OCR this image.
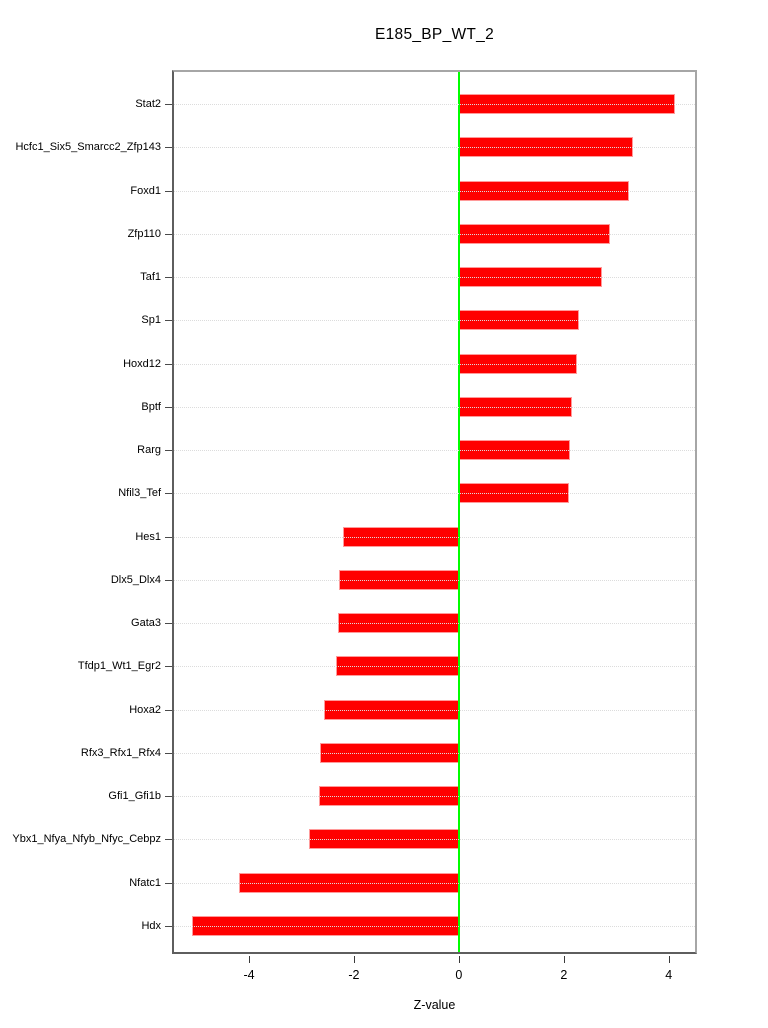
E185_BP_WT_2
Stat2
Hcfc1_Six5_Smarcc2_Zfp143
Foxd1
Zfp110
Taf1
Sp1
Hoxd12
Bptf
Rarg
Nfil3_Tef
Hes1
Dlx5_Dlx4
Gata3
Tfdp1_Wt1_Egr2
Hoxa2
Rfx3_Rfx1_Rfx4
Gfi1_Gfi1b
Ybx1_Nfya_Nfyb_Nfyc_Cebpz
Nfatc1
Hdx
-4	-2	0	2	4
Z-value
